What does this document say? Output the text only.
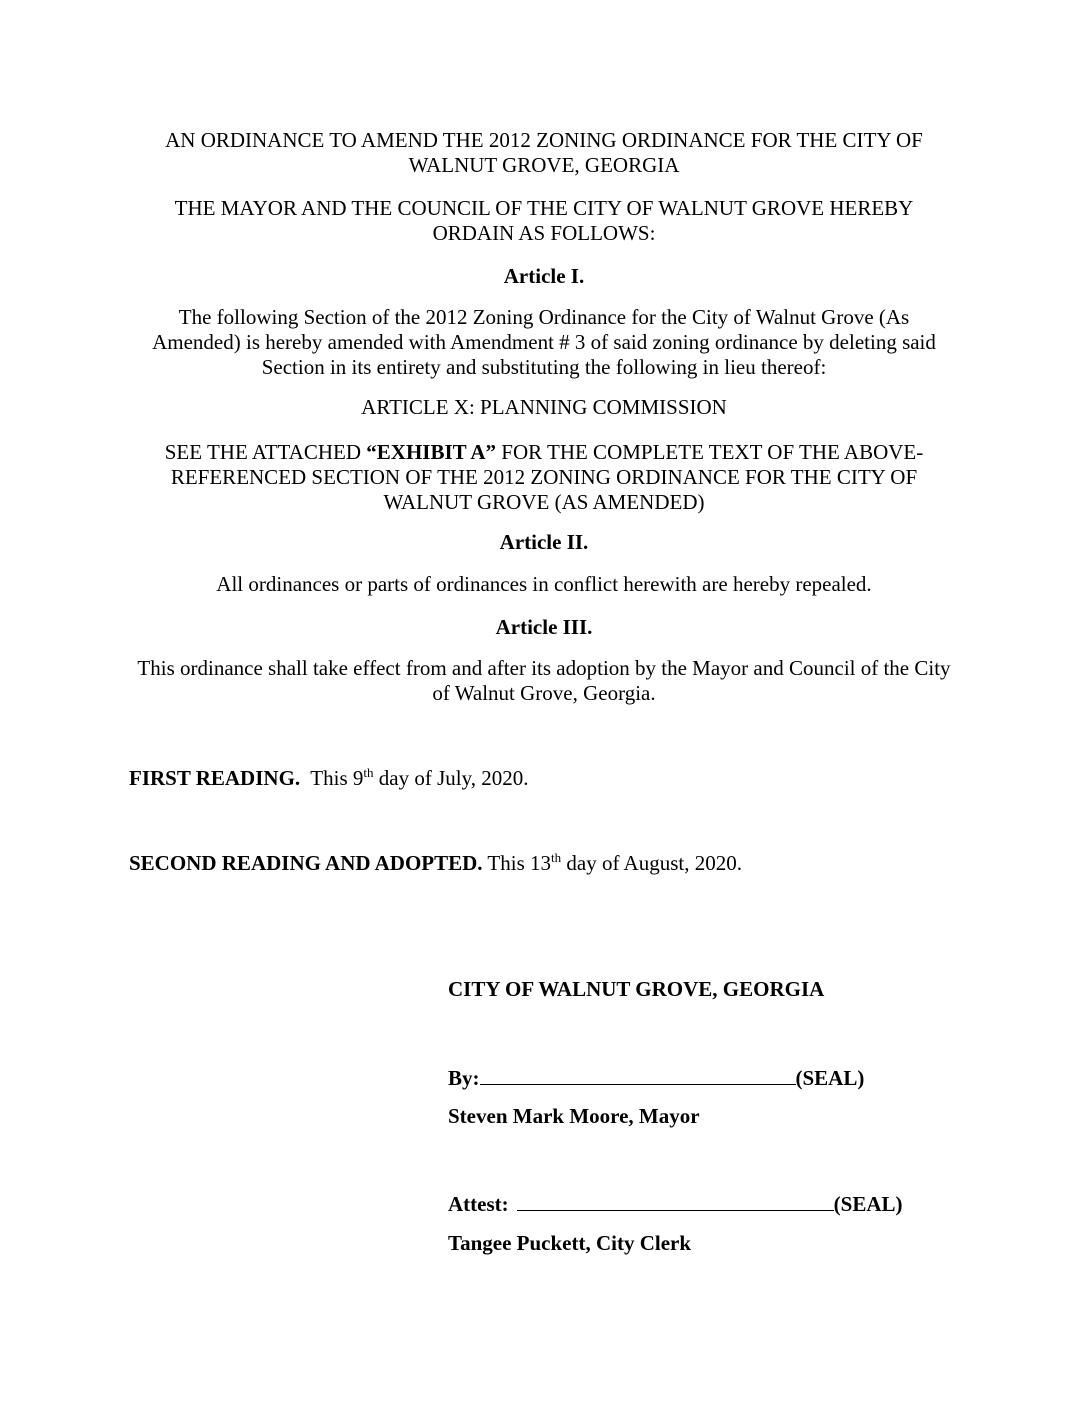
AN ORDINANCE TO AMEND THE 2012 ZONING ORDINANCE FOR THE CITY OF
WALNUT GROVE, GEORGIA
THE MAYOR AND THE COUNCIL OF THE CITY OF WALNUT GROVE HEREBY
ORDAIN AS FOLLOWS:
Article I.
The following Section of the 2012 Zoning Ordinance for the City of Walnut Grove (As
Amended) is hereby amended with Amendment # 3 of said zoning ordinance by deleting said
Section in its entirety and substituting the following in lieu thereof:
ARTICLE X: PLANNING COMMISSION
SEE THE ATTACHED “EXHIBIT A” FOR THE COMPLETE TEXT OF THE ABOVE-
REFERENCED SECTION OF THE 2012 ZONING ORDINANCE FOR THE CITY OF
WALNUT GROVE (AS AMENDED)
Article II.
All ordinances or parts of ordinances in conflict herewith are hereby repealed.
Article III.
This ordinance shall take effect from and after its adoption by the Mayor and Council of the City
of Walnut Grove, Georgia.
FIRST READING.  This 9th day of July, 2020.
SECOND READING AND ADOPTED. This 13th day of August, 2020.
CITY OF WALNUT GROVE, GEORGIA
By:	(SEAL)
Steven Mark Moore, Mayor
Attest:	(SEAL)
Tangee Puckett, City Clerk
